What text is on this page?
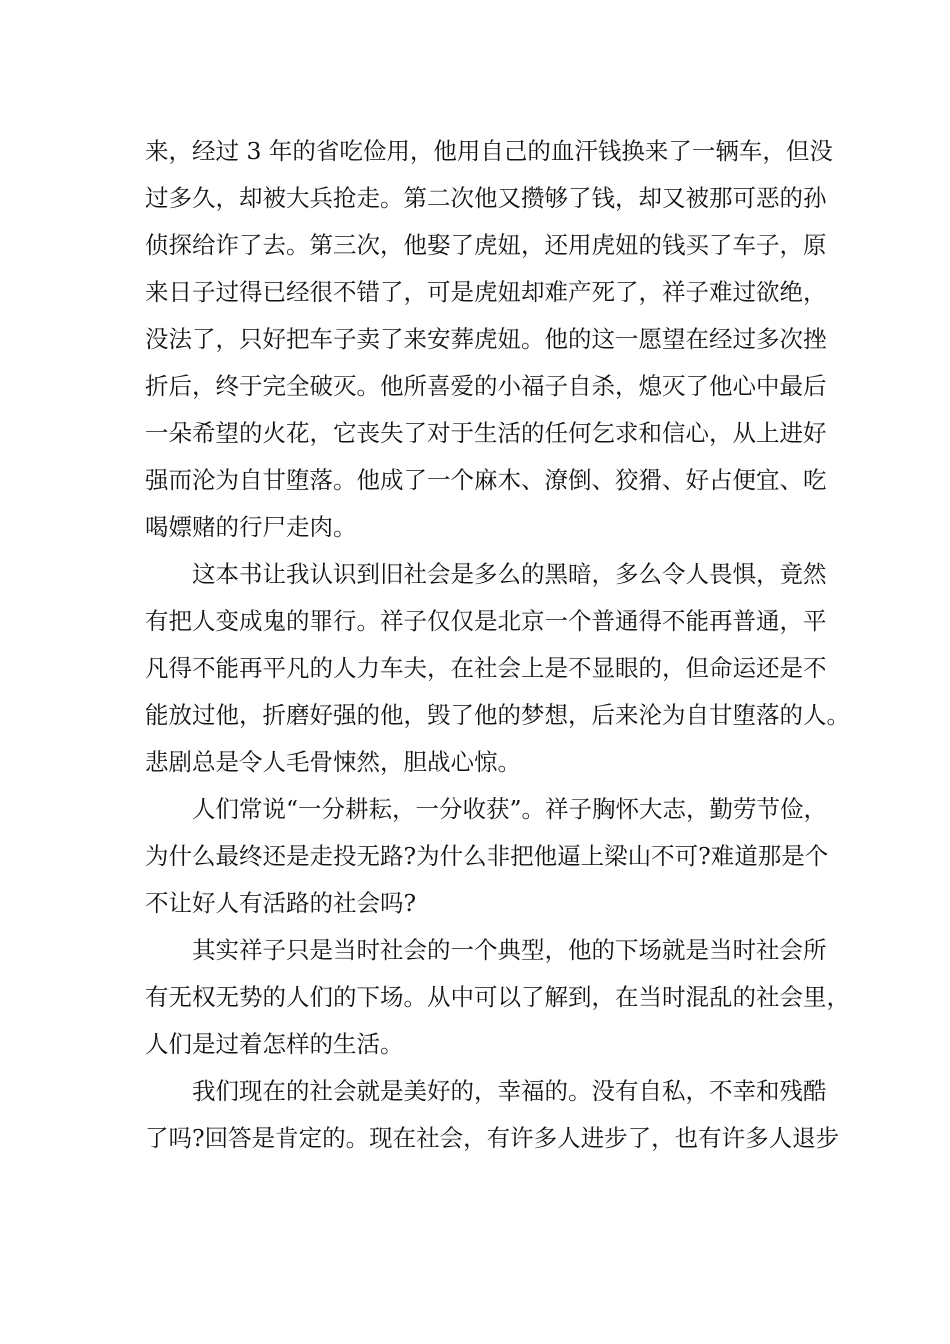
来，经过 3 年的省吃俭用，他用自己的血汗钱换来了一辆车，但没
过多久，却被大兵抢走。第二次他又攒够了钱，却又被那可恶的孙
侦探给诈了去。第三次，他娶了虎妞，还用虎妞的钱买了车子，原
来日子过得已经很不错了，可是虎妞却难产死了，祥子难过欲绝，
没法了，只好把车子卖了来安葬虎妞。他的这一愿望在经过多次挫
折后，终于完全破灭。他所喜爱的小福子自杀，熄灭了他心中最后
一朵希望的火花，它丧失了对于生活的任何乞求和信心，从上进好
强而沦为自甘堕落。他成了一个麻木、潦倒、狡猾、好占便宜、吃
喝嫖赌的行尸走肉。
这本书让我认识到旧社会是多么的黑暗，多么令人畏惧，竟然
有把人变成鬼的罪行。祥子仅仅是北京一个普通得不能再普通，平
凡得不能再平凡的人力车夫，在社会上是不显眼的，但命运还是不
能放过他，折磨好强的他，毁了他的梦想，后来沦为自甘堕落的人。
悲剧总是令人毛骨悚然，胆战心惊。
人们常说“一分耕耘，一分收获”。祥子胸怀大志，勤劳节俭，
为什么最终还是走投无路?为什么非把他逼上梁山不可?难道那是个
不让好人有活路的社会吗?
其实祥子只是当时社会的一个典型，他的下场就是当时社会所
有无权无势的人们的下场。从中可以了解到，在当时混乱的社会里，
人们是过着怎样的生活。
我们现在的社会就是美好的，幸福的。没有自私，不幸和残酷
了吗?回答是肯定的。现在社会，有许多人进步了，也有许多人退步
